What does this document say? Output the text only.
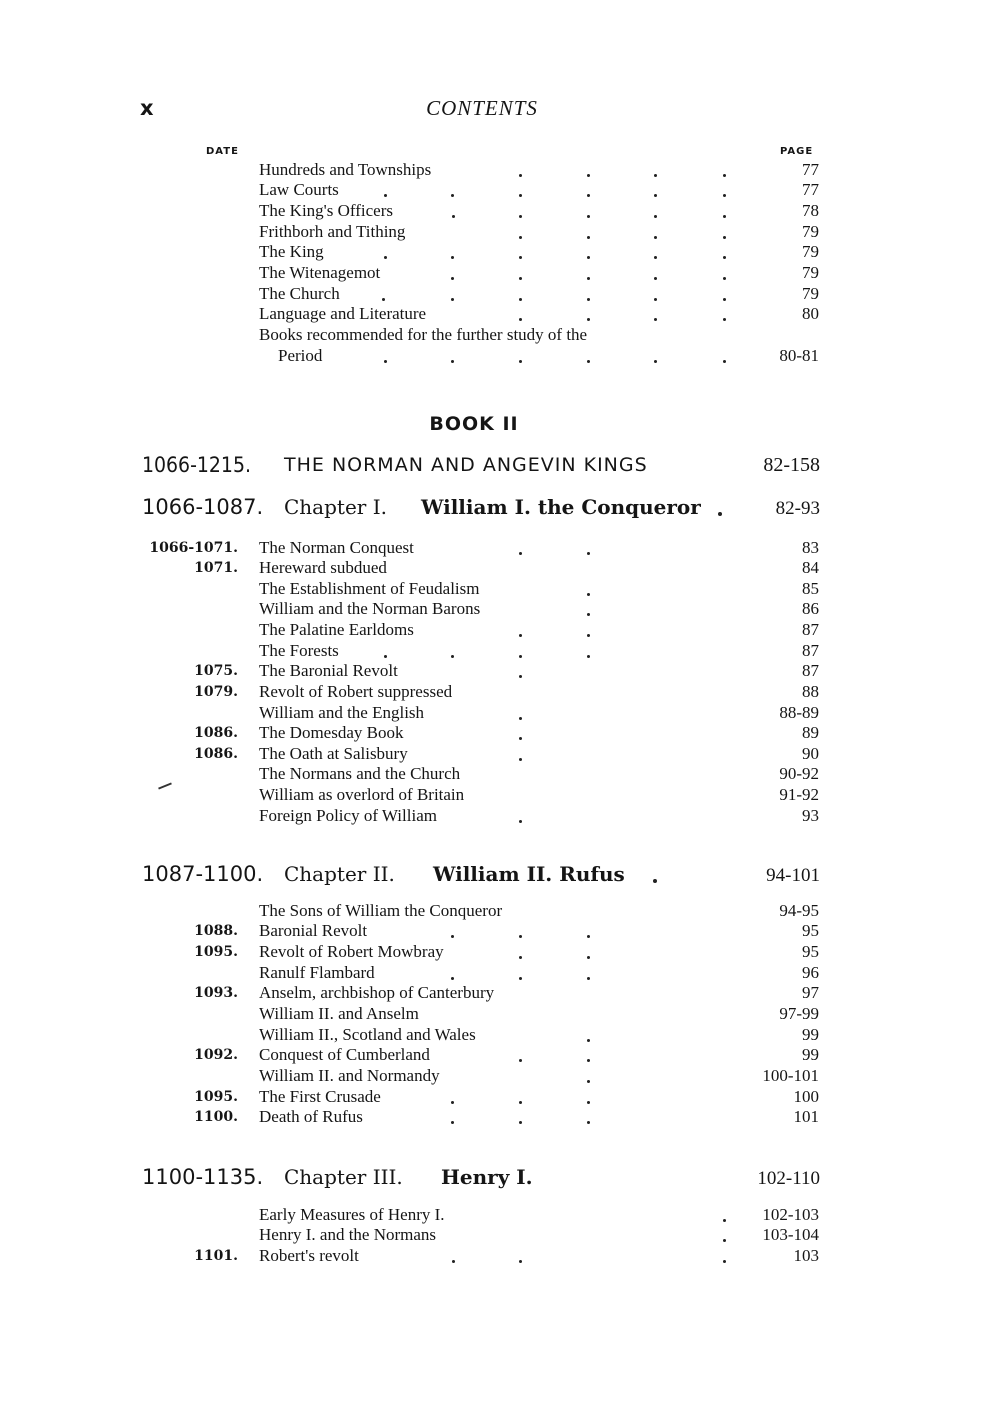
x	CONTENTS
DATE	PAGE
Hundreds and Townships	77
Law Courts	77
The King's Officers	78
Frithborh and Tithing	79
The King	79
The Witenagemot	79
The Church	79
Language and Literature	80
Books recommended for the further study of the
Period	80-81
BOOK II
1066-1215. THE NORMAN AND ANGEVIN KINGS	82-158
1066-1087. Chapter I. William I. the Conqueror	82-93
1066-1071. The Norman Conquest	83
1071. Hereward subdued	84
The Establishment of Feudalism	85
William and the Norman Barons	86
The Palatine Earldoms	87
The Forests	87
1075. The Baronial Revolt	87
1079. Revolt of Robert suppressed	88
William and the English	88-89
1086. The Domesday Book	89
1086. The Oath at Salisbury	90
The Normans and the Church	90-92
William as overlord of Britain	91-92
Foreign Policy of William	93
1087-1100. Chapter II. William II. Rufus	94-101
The Sons of William the Conqueror	94-95
1088. Baronial Revolt	95
1095. Revolt of Robert Mowbray	95
Ranulf Flambard	96
1093. Anselm, archbishop of Canterbury	97
William II. and Anselm	97-99
William II., Scotland and Wales	99
1092. Conquest of Cumberland	99
William II. and Normandy	100-101
1095. The First Crusade	100
1100. Death of Rufus	101
1100-1135. Chapter III. Henry I.	102-110
Early Measures of Henry I.	102-103
Henry I. and the Normans	103-104
1101. Robert's revolt	103
